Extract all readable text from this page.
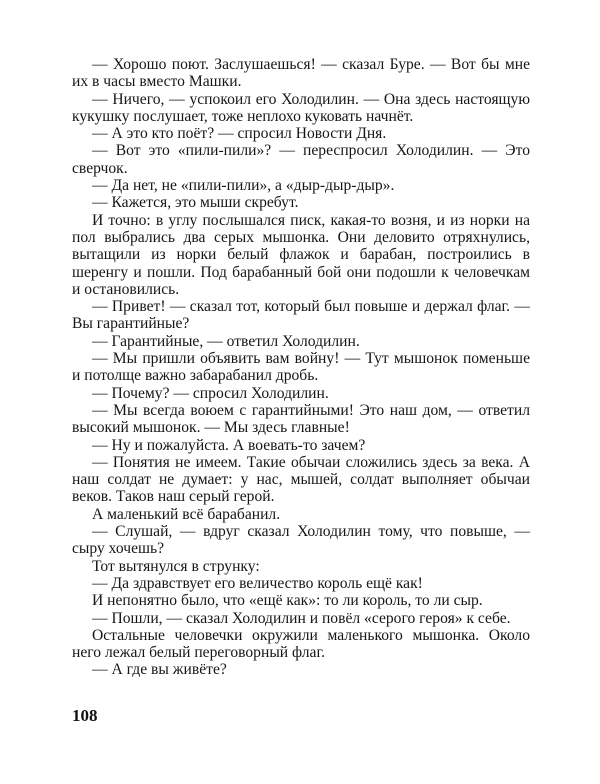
— Хорошо поют. Заслушаешься! — сказал Буре. — Вот бы мне их в часы вместо Машки.

— Ничего, — успокоил его Холодилин. — Она здесь настоящую кукушку послушает, тоже неплохо куковать начнёт.

— А это кто поёт? — спросил Новости Дня.

— Вот это «пили-пили»? — переспросил Холодилин. — Это сверчок.

— Да нет, не «пили-пили», а «дыр-дыр-дыр».

— Кажется, это мыши скребут.

И точно: в углу послышался писк, какая-то возня, и из норки на пол выбрались два серых мышонка. Они деловито отряхнулись, вытащили из норки белый флажок и барабан, построились в шеренгу и пошли. Под барабанный бой они подошли к человечкам и остановились.

— Привет! — сказал тот, который был повыше и держал флаг. — Вы гарантийные?

— Гарантийные, — ответил Холодилин.

— Мы пришли объявить вам войну! — Тут мышонок поменьше и потолще важно забарабанил дробь.

— Почему? — спросил Холодилин.

— Мы всегда воюем с гарантийными! Это наш дом, — ответил высокий мышонок. — Мы здесь главные!

— Ну и пожалуйста. А воевать-то зачем?

— Понятия не имеем. Такие обычаи сложились здесь за века. А наш солдат не думает: у нас, мышей, солдат выполняет обычаи веков. Таков наш серый герой.

А маленький всё барабанил.

— Слушай, — вдруг сказал Холодилин тому, что повыше, — сыру хочешь?

Тот вытянулся в струнку:

— Да здравствует его величество король ещё как!

И непонятно было, что «ещё как»: то ли король, то ли сыр.

— Пошли, — сказал Холодилин и повёл «серого героя» к себе.

Остальные человечки окружили маленького мышонка. Около него лежал белый переговорный флаг.

— А где вы живёте?

108
